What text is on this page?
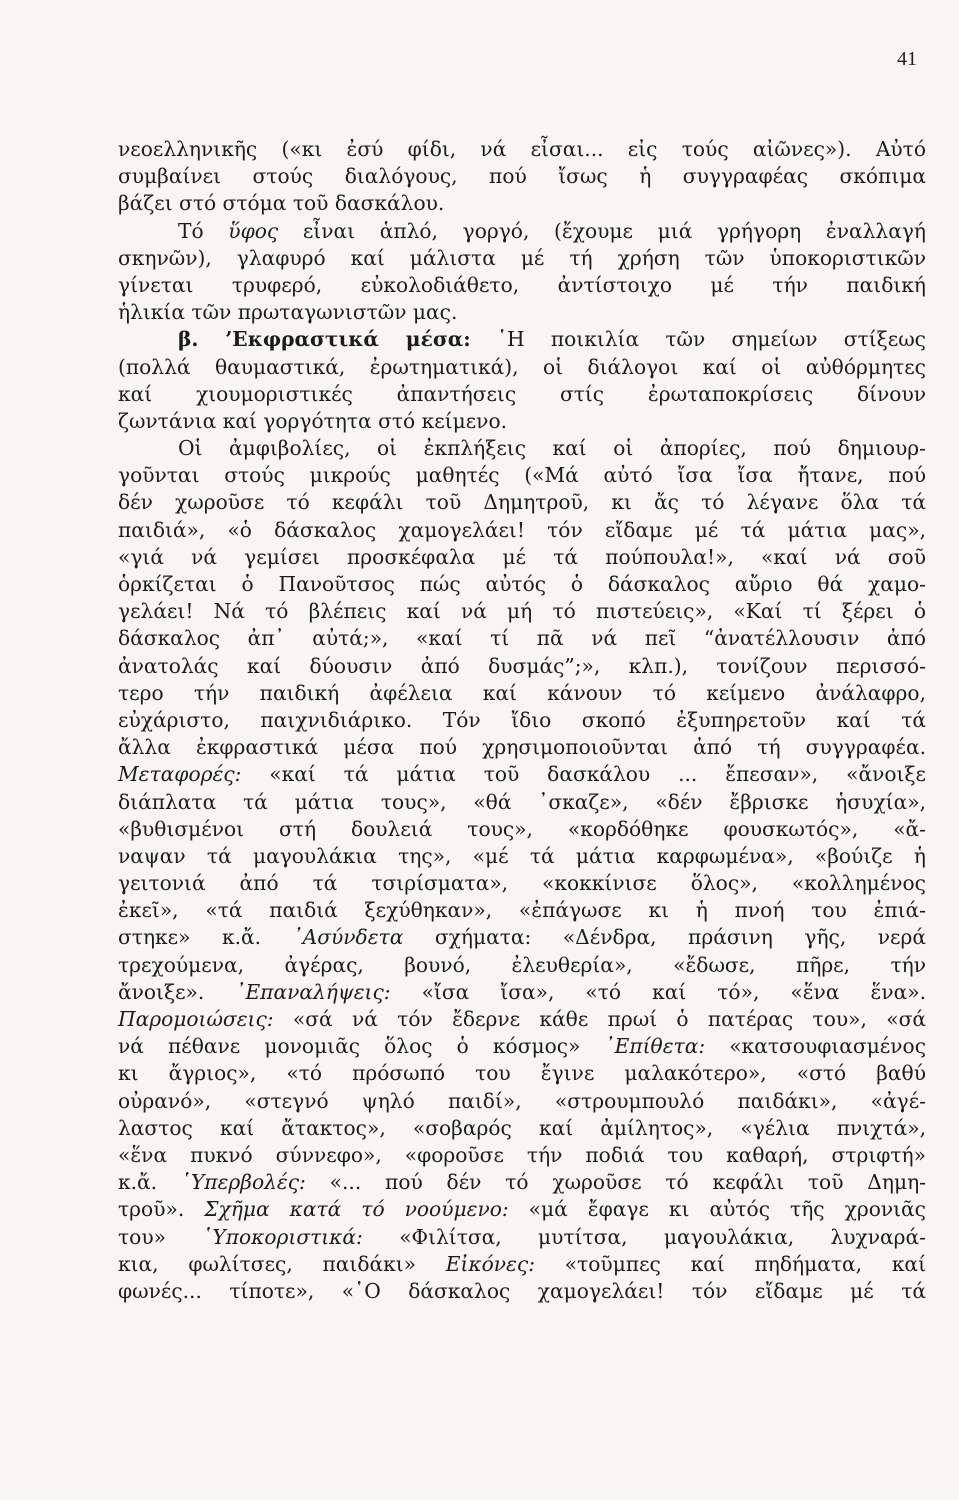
41
νεοελληνικῆς («κι ἐσύ φίδι, νά εἶσαι... εἰς τούς αἰῶνες»). Αὐτό
συμβαίνει στούς διαλόγους, πού ἴσως ἡ συγγραφέας σκόπιμα
βάζει στό στόμα τοῦ δασκάλου.
Τό ὕφος εἶναι ἁπλό, γοργό, (ἔχουμε μιά γρήγορη ἐναλλαγή
σκηνῶν), γλαφυρό καί μάλιστα μέ τή χρήση τῶν ὑποκοριστικῶν
γίνεται τρυφερό, εὐκολοδιάθετο, ἀντίστοιχο μέ τήν παιδική
ἡλικία τῶν πρωταγωνιστῶν μας.
β. ’Εκφραστικά μέσα: ῾Η ποικιλία τῶν σημείων στίξεως
(πολλά θαυμαστικά, ἐρωτηματικά), οἱ διάλογοι καί οἱ αὐθόρμητες
καί χιουμοριστικές ἀπαντήσεις στίς ἐρωταποκρίσεις δίνουν
ζωντάνια καί γοργότητα στό κείμενο.
Οἱ ἀμφιβολίες, οἱ ἐκπλήξεις καί οἱ ἀπορίες, πού δημιουρ-
γοῦνται στούς μικρούς μαθητές («Μά αὐτό ἴσα ἴσα ἤτανε, πού
δέν χωροῦσε τό κεφάλι τοῦ Δημητροῦ, κι ἄς τό λέγανε ὅλα τά
παιδιά», «ὁ δάσκαλος χαμογελάει! τόν εἴδαμε μέ τά μάτια μας»,
«γιά νά γεμίσει προσκέφαλα μέ τά πούπουλα!», «καί νά σοῦ
ὁρκίζεται ὁ Πανοῦτσος πώς αὐτός ὁ δάσκαλος αὔριο θά χαμο-
γελάει! Νά τό βλέπεις καί νά μή τό πιστεύεις», «Καί τί ξέρει ὁ
δάσκαλος ἀπ᾿ αὐτά;», «καί τί πᾶ νά πεῖ “ἀνατέλλουσιν ἀπό
ἀνατολάς καί δύουσιν ἀπό δυσμάς”;», κλπ.), τονίζουν περισσό-
τερο τήν παιδική ἀφέλεια καί κάνουν τό κείμενο ἀνάλαφρο,
εὐχάριστο, παιχνιδιάρικο. Τόν ἴδιο σκοπό ἐξυπηρετοῦν καί τά
ἄλλα ἐκφραστικά μέσα πού χρησιμοποιοῦνται ἀπό τή συγγραφέα.
Μεταφορές: «καί τά μάτια τοῦ δασκάλου ... ἔπεσαν», «ἄνοιξε
διάπλατα τά μάτια τους», «θά ᾽σκαζε», «δέν ἔβρισκε ἡσυχία»,
«βυθισμένοι στή δουλειά τους», «κορδόθηκε φουσκωτός», «ἄ-
ναψαν τά μαγουλάκια της», «μέ τά μάτια καρφωμένα», «βούιζε ἡ
γειτονιά ἀπό τά τσιρίσματα», «κοκκίνισε ὅλος», «κολλημένος
ἐκεῖ», «τά παιδιά ξεχύθηκαν», «ἐπάγωσε κι ἡ πνοή του ἐπιά-
στηκε» κ.ἄ. ᾿Ασύνδετα σχήματα: «Δένδρα, πράσινη γῆς, νερά
τρεχούμενα, ἀγέρας, βουνό, ἐλευθερία», «ἔδωσε, πῆρε, τήν
ἄνοιξε». ᾿Επαναλήψεις: «ἴσα ἴσα», «τό καί τό», «ἕνα ἕνα».
Παρομοιώσεις: «σά νά τόν ἔδερνε κάθε πρωί ὁ πατέρας του», «σά
νά πέθανε μονομιᾶς ὅλος ὁ κόσμος» ᾿Επίθετα: «κατσουφιασμένος
κι ἄγριος», «τό πρόσωπό του ἔγινε μαλακότερο», «στό βαθύ
οὐρανό», «στεγνό ψηλό παιδί», «στρουμπουλό παιδάκι», «ἀγέ-
λαστος καί ἄτακτος», «σοβαρός καί ἀμίλητος», «γέλια πνιχτά»,
«ἕνα πυκνό σύννεφο», «φοροῦσε τήν ποδιά του καθαρή, στριφτή»
κ.ἄ. ῾Υπερβολές: «... πού δέν τό χωροῦσε τό κεφάλι τοῦ Δημη-
τροῦ». Σχῆμα κατά τό νοούμενο: «μά ἔφαγε κι αὐτός τῆς χρονιᾶς
του» ῾Υποκοριστικά: «Φιλίτσα, μυτίτσα, μαγουλάκια, λυχναρά-
κια, φωλίτσες, παιδάκι» Εἰκόνες: «τοῦμπες καί πηδήματα, καί
φωνές... τίποτε», «῾Ο δάσκαλος χαμογελάει! τόν εἴδαμε μέ τά
